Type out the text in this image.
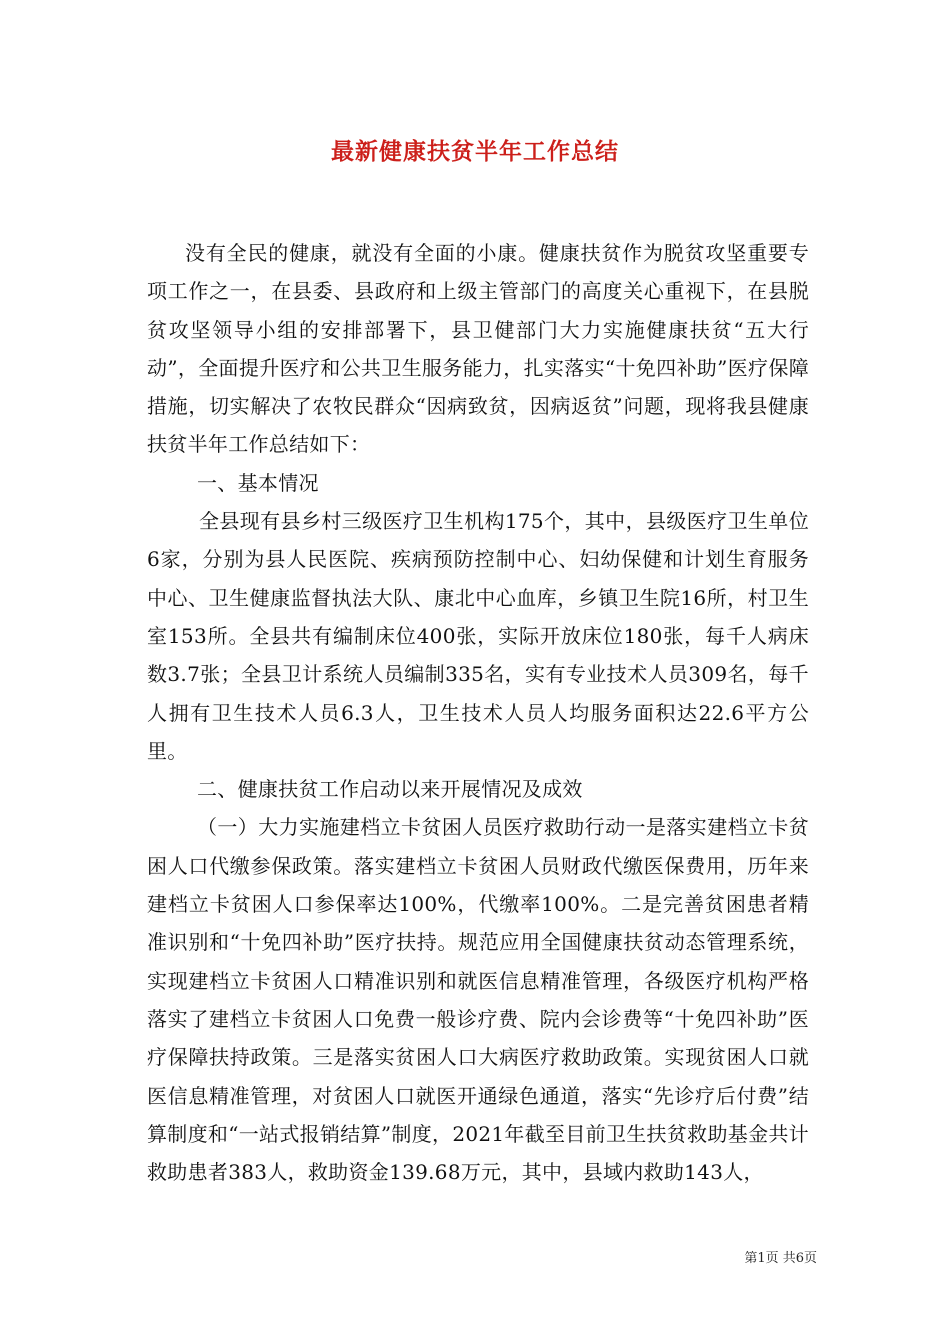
最新健康扶贫半年工作总结

没有全民的健康，就没有全面的小康。健康扶贫作为脱贫攻坚重要专项工作之一，在县委、县政府和上级主管部门的高度关心重视下，在县脱贫攻坚领导小组的安排部署下，县卫健部门大力实施健康扶贫“五大行动”，全面提升医疗和公共卫生服务能力，扎实落实“十免四补助”医疗保障措施，切实解决了农牧民群众“因病致贫，因病返贫”问题，现将我县健康扶贫半年工作总结如下：

一、基本情况

全县现有县乡村三级医疗卫生机构175个，其中，县级医疗卫生单位6家，分别为县人民医院、疾病预防控制中心、妇幼保健和计划生育服务中心、卫生健康监督执法大队、康北中心血库，乡镇卫生院16所，村卫生室153所。全县共有编制床位400张，实际开放床位180张，每千人病床数3.7张；全县卫计系统人员编制335名，实有专业技术人员309名，每千人拥有卫生技术人员6.3人，卫生技术人员人均服务面积达22.6平方公里。

二、健康扶贫工作启动以来开展情况及成效

（一）大力实施建档立卡贫困人员医疗救助行动一是落实建档立卡贫困人口代缴参保政策。落实建档立卡贫困人员财政代缴医保费用，历年来建档立卡贫困人口参保率达100%，代缴率100%。二是完善贫困患者精准识别和“十免四补助”医疗扶持。规范应用全国健康扶贫动态管理系统，实现建档立卡贫困人口精准识别和就医信息精准管理，各级医疗机构严格落实了建档立卡贫困人口免费一般诊疗费、院内会诊费等“十免四补助”医疗保障扶持政策。三是落实贫困人口大病医疗救助政策。实现贫困人口就医信息精准管理，对贫困人口就医开通绿色通道，落实“先诊疗后付费”结算制度和“一站式报销结算”制度，2021年截至目前卫生扶贫救助基金共计救助患者383人，救助资金139.68万元，其中，县域内救助143人，

第1页 共6页
